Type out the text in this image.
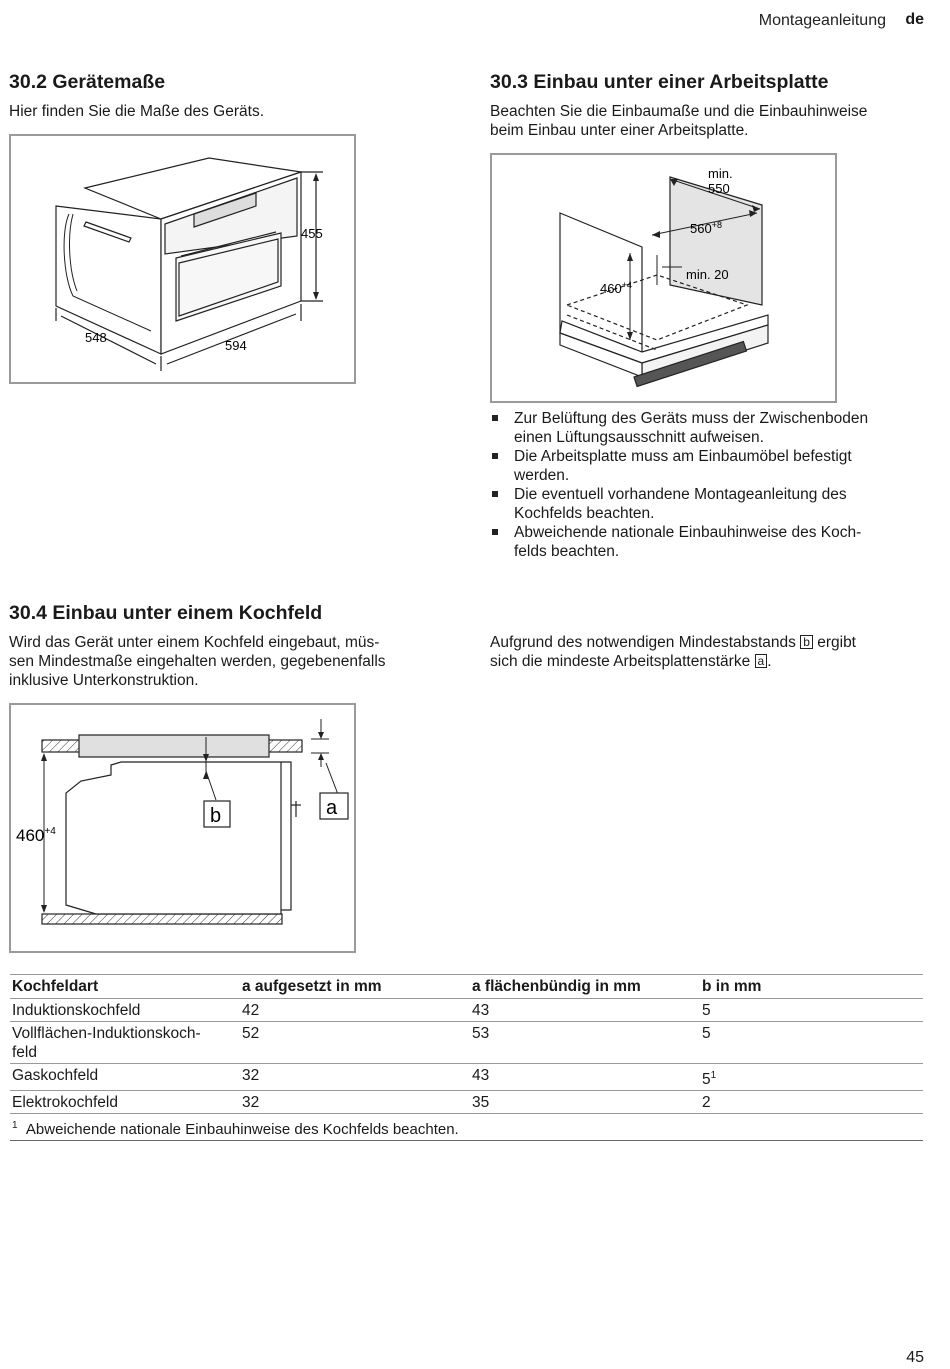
Montageanleitung de
30.2 Gerätemaße
Hier finden Sie die Maße des Geräts.
455
548
594
30.3 Einbau unter einer Arbeitsplatte
Beachten Sie die Einbaumaße und die Einbauhinweise
beim Einbau unter einer Arbeitsplatte.
min.
550
$560^{+8}$
$460^{+4}$
min. 20
Zur Belüftung des Geräts muss der Zwischenboden
einen Lüftungsausschnitt aufweisen.
Die Arbeitsplatte muss am Einbaumöbel befestigt
werden.
Die eventuell vorhandene Montageanleitung des
Kochfelds beachten.
Abweichende nationale Einbauhinweise des Koch-
felds beachten.
30.4 Einbau unter einem Kochfeld
Wird das Gerät unter einem Kochfeld eingebaut, müs-
sen Mindestmaße eingehalten werden, gegebenenfalls
inklusive Unterkonstruktion.
Aufgrund des notwendigen Mindestabstands b ergibt
sich die mindeste Arbeitsplattenstärke a .
b	a
$460^{+4}$
Kochfeldart	a aufgesetzt in mm	a flächenbündig in mm	b in mm
Induktionskochfeld	42	43	5

Vollflächen-Induktionskoch-
feld	52	53	5
Gaskochfeld	32	43	$5^1$
Elektrokochfeld	32	35	2
$^1$ Abweichende nationale Einbauhinweise des Kochfelds beachten.			
45
